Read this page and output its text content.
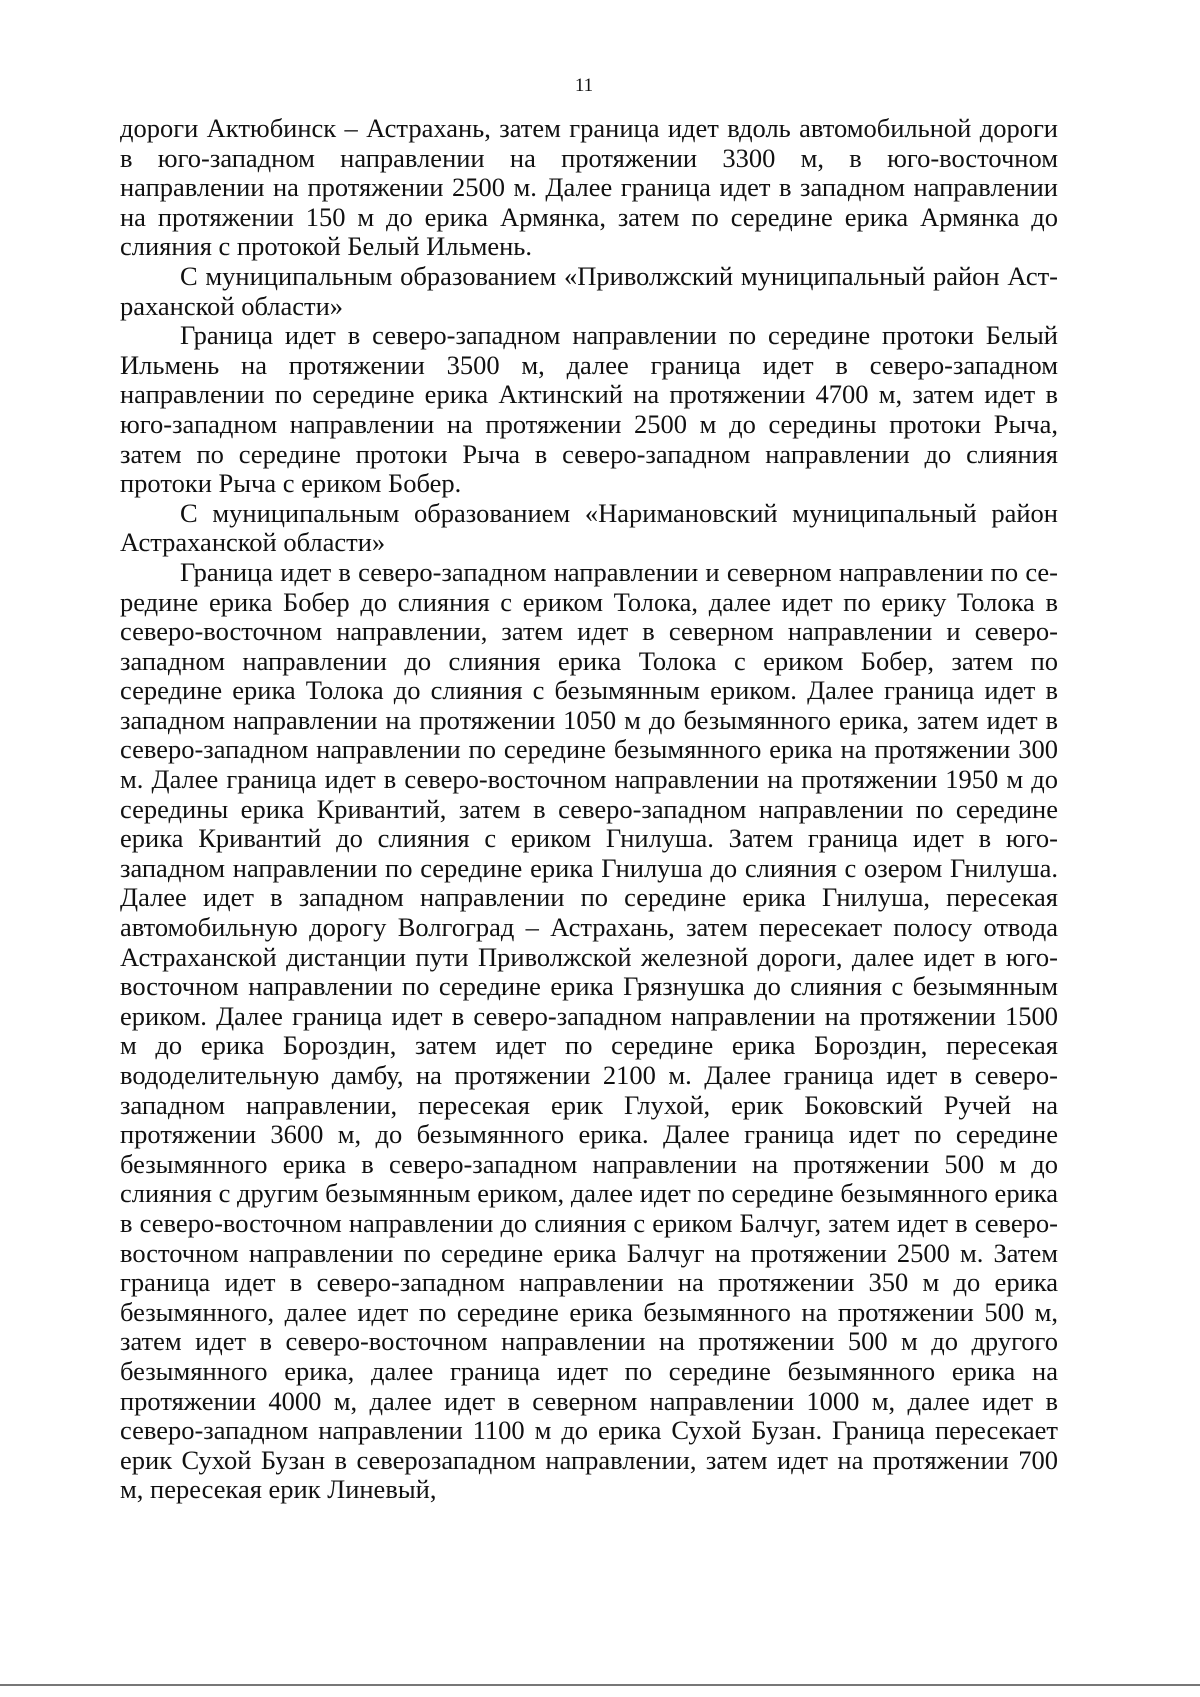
11

дороги Актюбинск – Астрахань, затем граница идет вдоль автомобильной дороги в юго-западном направлении на протяжении 3300 м, в юго-восточном направлении на протяжении 2500 м. Далее граница идет в западном направлении на протяжении 150 м до ерика Армянка, затем по середине ерика Армянка до слияния с протокой Белый Ильмень.

С муниципальным образованием «Приволжский муниципальный район Астраханской области»

Граница идет в северо-западном направлении по середине протоки Белый Ильмень на протяжении 3500 м, далее граница идет в северо-западном направлении по середине ерика Актинский на протяжении 4700 м, затем идет в юго-западном направлении на протяжении 2500 м до середины протоки Рыча, затем по середине протоки Рыча в северо-западном направлении до слияния протоки Рыча с ериком Бобер.

С муниципальным образованием «Наримановский муниципальный район Астраханской области»

Граница идет в северо-западном направлении и северном направлении по середине ерика Бобер до слияния с ериком Толока, далее идет по ерику Толока в северо-восточном направлении, затем идет в северном направлении и северо-западном направлении до слияния ерика Толока с ериком Бобер, затем по середине ерика Толока до слияния с безымянным ериком. Далее граница идет в западном направлении на протяжении 1050 м до безымянного ерика, затем идет в северо-западном направлении по середине безымянного ерика на протяжении 300 м. Далее граница идет в северо-восточном направлении на протяжении 1950 м до середины ерика Кривантий, затем в северо-западном направлении по середине ерика Кривантий до слияния с ериком Гнилуша. Затем граница идет в юго-западном направлении по середине ерика Гнилуша до слияния с озером Гнилуша. Далее идет в западном направлении по середине ерика Гнилуша, пересекая автомобильную дорогу Волгоград – Астрахань, затем пересекает полосу отвода Астраханской дистанции пути Приволжской железной дороги, далее идет в юго-восточном направлении по середине ерика Грязнушка до слияния с безымянным ериком. Далее граница идет в северо-западном направлении на протяжении 1500 м до ерика Бороздин, затем идет по середине ерика Бороздин, пересекая вододелительную дамбу, на протяжении 2100 м. Далее граница идет в северо-западном направлении, пересекая ерик Глухой, ерик Боковский Ручей на протяжении 3600 м, до безымянного ерика. Далее граница идет по середине безымянного ерика в северо-западном направлении на протяжении 500 м до слияния с другим безымянным ериком, далее идет по середине безымянного ерика в северо-восточном направлении до слияния с ериком Балчуг, затем идет в северовосточном направлении по середине ерика Балчуг на протяжении 2500 м. Затем граница идет в северо-западном направлении на протяжении 350 м до ерика безымянного, далее идет по середине ерика безымянного на протяжении 500 м, затем идет в северо-восточном направлении на протяжении 500 м до другого безымянного ерика, далее граница идет по середине безымянного ерика на протяжении 4000 м, далее идет в северном направлении 1000 м, далее идет в северо-западном направлении 1100 м до ерика Сухой Бузан. Граница пересекает ерик Сухой Бузан в северозападном направлении, затем идет на протяжении 700 м, пересекая ерик Линевый,
